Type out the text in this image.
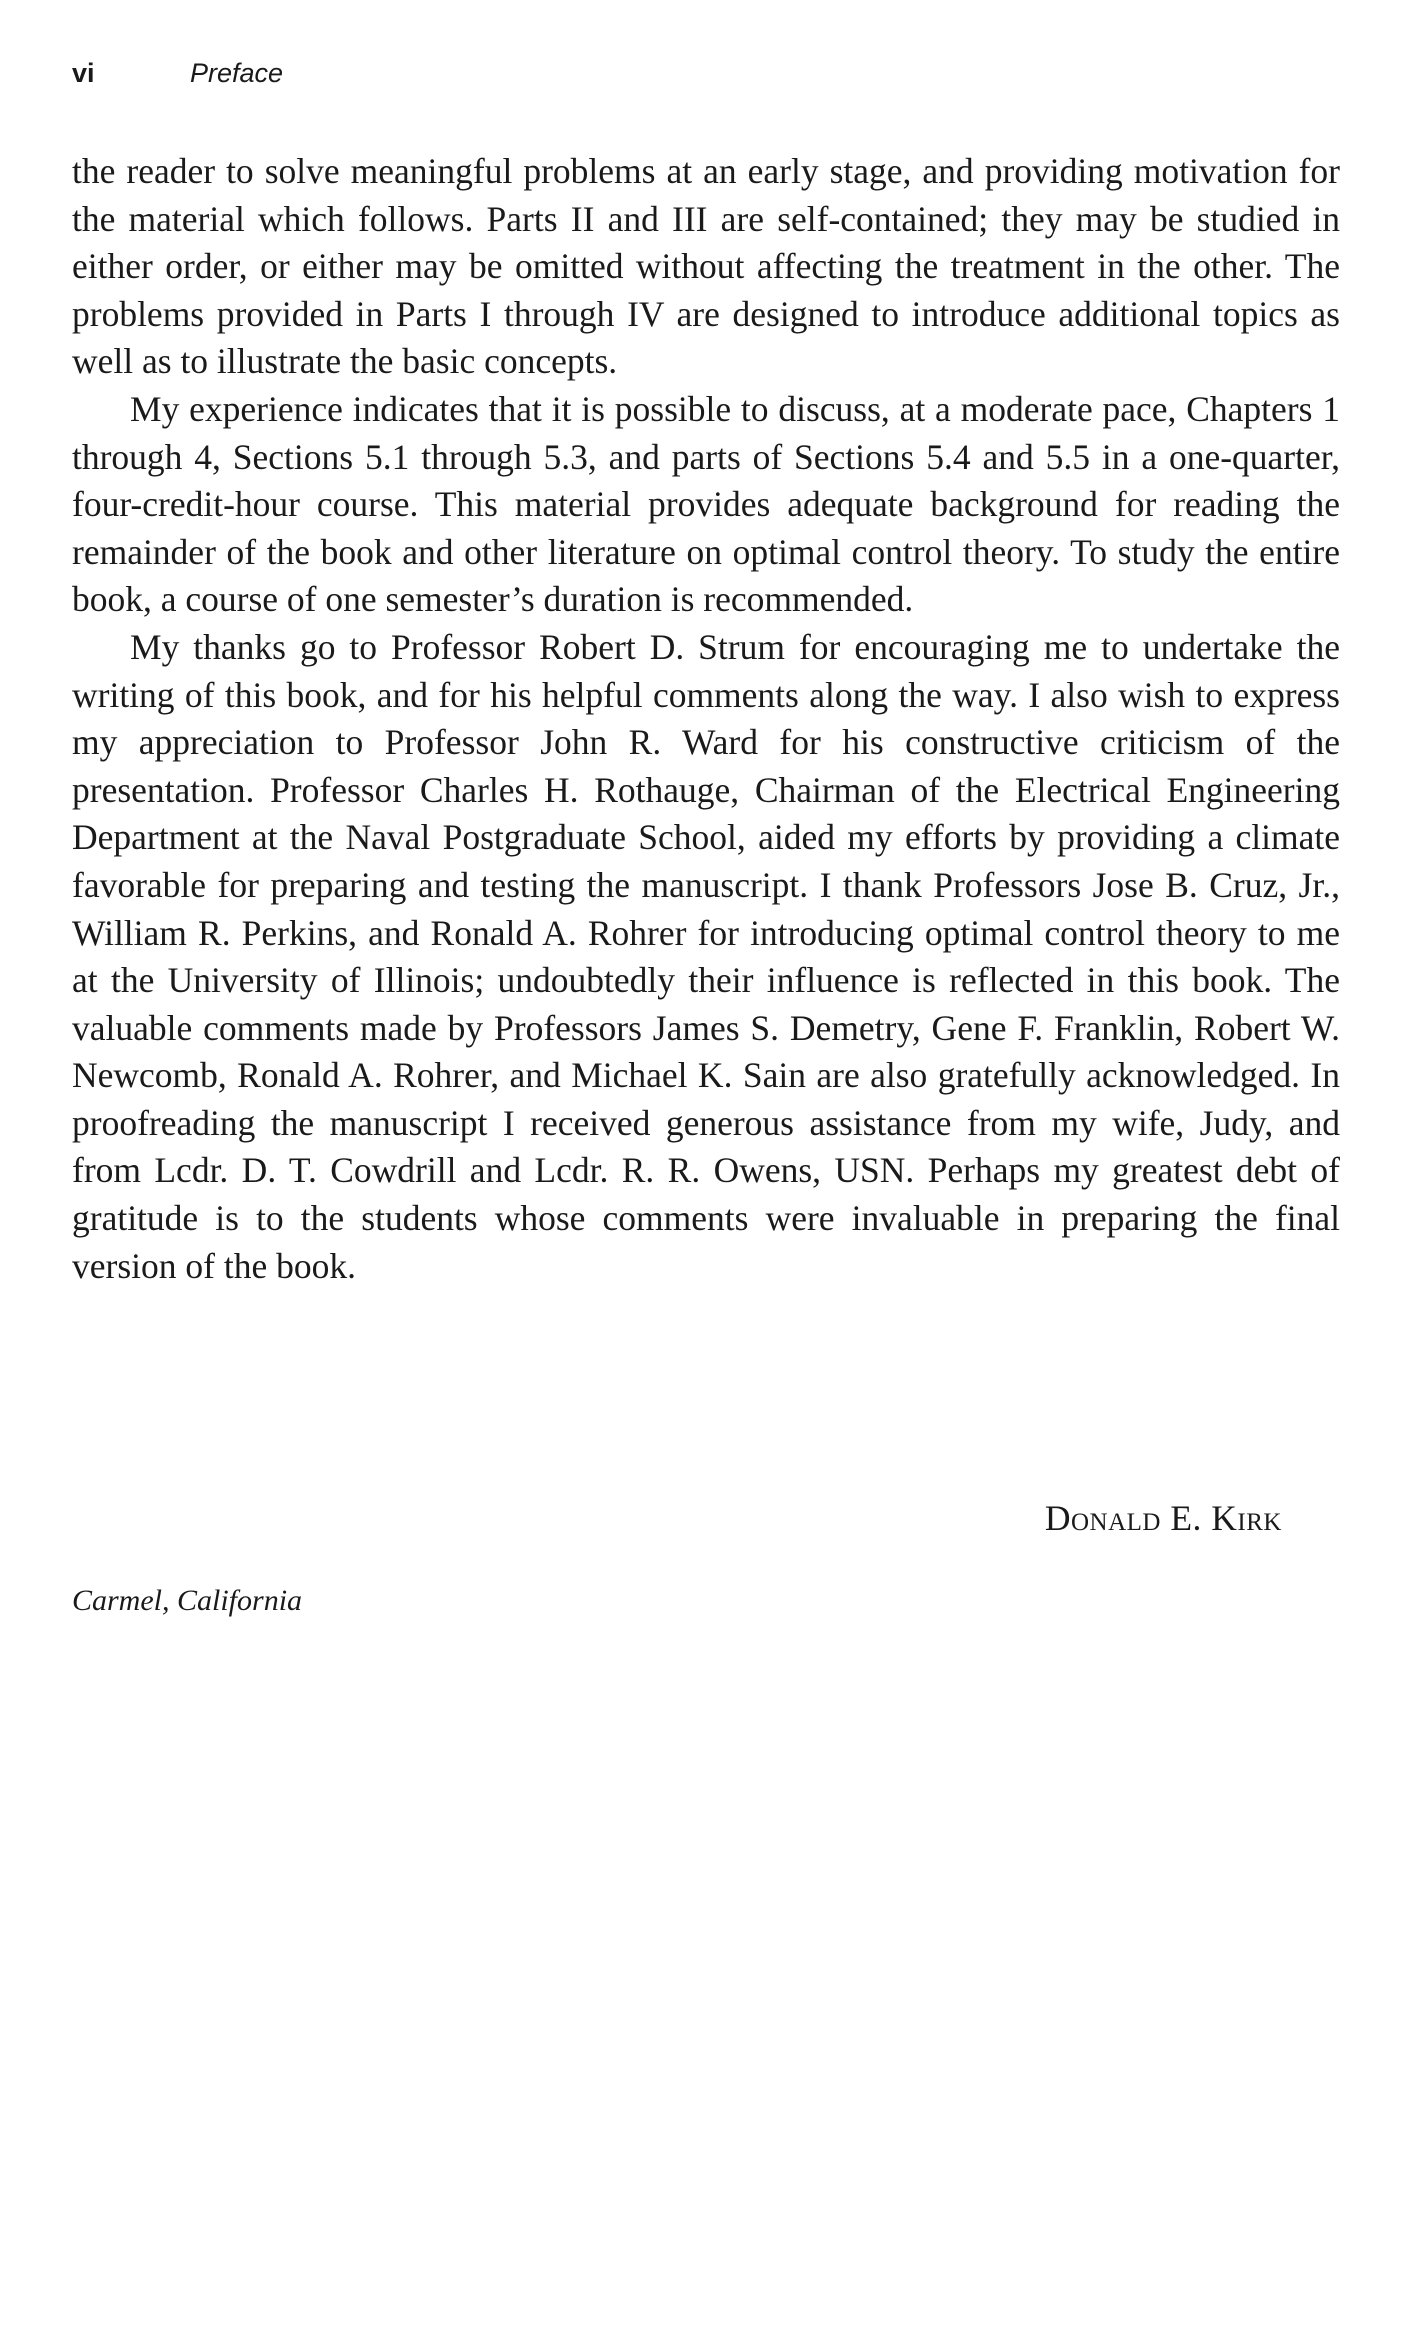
vi	Preface

the reader to solve meaningful problems at an early stage, and providing motivation for the material which follows. Parts II and III are self-contained; they may be studied in either order, or either may be omitted without affecting the treatment in the other. The problems provided in Parts I through IV are designed to introduce additional topics as well as to illustrate the basic concepts.

My experience indicates that it is possible to discuss, at a moderate pace, Chapters 1 through 4, Sections 5.1 through 5.3, and parts of Sections 5.4 and 5.5 in a one-quarter, four-credit-hour course. This material provides adequate background for reading the remainder of the book and other literature on optimal control theory. To study the entire book, a course of one semester’s duration is recommended.

My thanks go to Professor Robert D. Strum for encouraging me to undertake the writing of this book, and for his helpful comments along the way. I also wish to express my appreciation to Professor John R. Ward for his constructive criticism of the presentation. Professor Charles H. Rothauge, Chairman of the Electrical Engineering Department at the Naval Postgraduate School, aided my efforts by providing a climate favorable for preparing and testing the manuscript. I thank Professors Jose B. Cruz, Jr., William R. Perkins, and Ronald A. Rohrer for introducing optimal control theory to me at the University of Illinois; undoubtedly their influence is reflected in this book. The valuable comments made by Professors James S. Demetry, Gene F. Franklin, Robert W. Newcomb, Ronald A. Rohrer, and Michael K. Sain are also gratefully acknowledged. In proofreading the manuscript I received generous assistance from my wife, Judy, and from Lcdr. D. T. Cowdrill and Lcdr. R. R. Owens, USN. Perhaps my greatest debt of gratitude is to the students whose comments were invaluable in preparing the final version of the book.

Donald E. Kirk
Carmel, California
